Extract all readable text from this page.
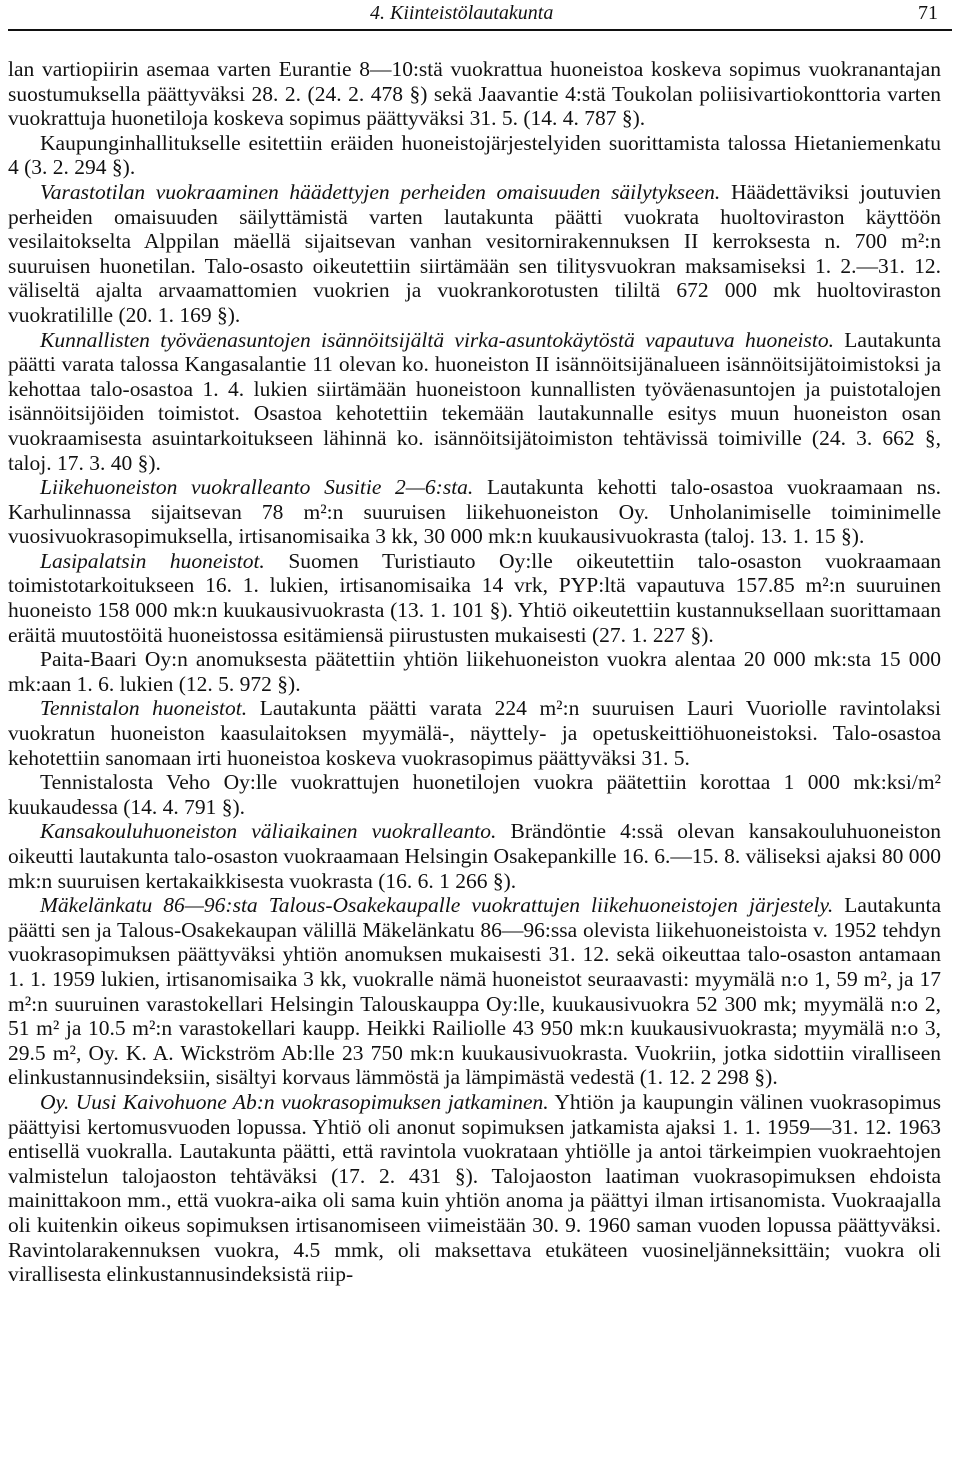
4. Kiinteistölautakunta	71

lan vartiopiirin asemaa varten Eurantie 8—10:stä vuokrattua huoneistoa koskeva sopimus vuokranantajan suostumuksella päättyväksi 28. 2. (24. 2. 478 §) sekä Jaavantie 4:stä Toukolan poliisivartiokonttoria varten vuokrattuja huonetiloja koskeva sopimus päättyväksi 31. 5. (14. 4. 787 §).

Kaupunginhallitukselle esitettiin eräiden huoneistojärjestelyiden suorittamista talossa Hietaniemenkatu 4 (3. 2. 294 §).

Varastotilan vuokraaminen häädettyjen perheiden omaisuuden säilytykseen. Häädettäviksi joutuvien perheiden omaisuuden säilyttämistä varten lautakunta päätti vuokrata huoltoviraston käyttöön vesilaitokselta Alppilan mäellä sijaitsevan vanhan vesitornirakennuksen II kerroksesta n. 700 m²:n suuruisen huonetilan. Talo-osasto oikeutettiin siirtämään sen tilitysvuokran maksamiseksi 1. 2.—31. 12. väliseltä ajalta arvaamattomien vuokrien ja vuokrankorotusten tililtä 672 000 mk huoltoviraston vuokratilille (20. 1. 169 §).

Kunnallisten työväenasuntojen isännöitsijältä virka-asuntokäytöstä vapautuva huoneisto. Lautakunta päätti varata talossa Kangasalantie 11 olevan ko. huoneiston II isännöitsijänalueen isännöitsijätoimistoksi ja kehottaa talo-osastoa 1. 4. lukien siirtämään huoneistoon kunnallisten työväenasuntojen ja puistotalojen isännöitsijöiden toimistot. Osastoa kehotettiin tekemään lautakunnalle esitys muun huoneiston osan vuokraamisesta asuintarkoitukseen lähinnä ko. isännöitsijätoimiston tehtävissä toimiville (24. 3. 662 §, taloj. 17. 3. 40 §).

Liikehuoneiston vuokralleanto Susitie 2—6:sta. Lautakunta kehotti talo-osastoa vuokraamaan ns. Karhulinnassa sijaitsevan 78 m²:n suuruisen liikehuoneiston Oy. Unholanimiselle toiminimelle vuosivuokrasopimuksella, irtisanomisaika 3 kk, 30 000 mk:n kuukausivuokrasta (taloj. 13. 1. 15 §).

Lasipalatsin huoneistot. Suomen Turistiauto Oy:lle oikeutettiin talo-osaston vuokraamaan toimistotarkoitukseen 16. 1. lukien, irtisanomisaika 14 vrk, PYP:ltä vapautuva 157.85 m²:n suuruinen huoneisto 158 000 mk:n kuukausivuokrasta (13. 1. 101 §). Yhtiö oikeutettiin kustannuksellaan suorittamaan eräitä muutostöitä huoneistossa esitämiensä piirustusten mukaisesti (27. 1. 227 §).

Paita-Baari Oy:n anomuksesta päätettiin yhtiön liikehuoneiston vuokra alentaa 20 000 mk:sta 15 000 mk:aan 1. 6. lukien (12. 5. 972 §).

Tennistalon huoneistot. Lautakunta päätti varata 224 m²:n suuruisen Lauri Vuoriolle ravintolaksi vuokratun huoneiston kaasulaitoksen myymälä-, näyttely- ja opetuskeittiöhuoneistoksi. Talo-osastoa kehotettiin sanomaan irti huoneistoa koskeva vuokrasopimus päättyväksi 31. 5.

Tennistalosta Veho Oy:lle vuokrattujen huonetilojen vuokra päätettiin korottaa 1 000 mk:ksi/m² kuukaudessa (14. 4. 791 §).

Kansakouluhuoneiston väliaikainen vuokralleanto. Brändöntie 4:ssä olevan kansakouluhuoneiston oikeutti lautakunta talo-osaston vuokraamaan Helsingin Osakepankille 16. 6.—15. 8. väliseksi ajaksi 80 000 mk:n suuruisen kertakaikkisesta vuokrasta (16. 6. 1 266 §).

Mäkelänkatu 86—96:sta Talous-Osakekaupalle vuokrattujen liikehuoneistojen järjestely. Lautakunta päätti sen ja Talous-Osakekaupan välillä Mäkelänkatu 86—96:ssa olevista liikehuoneistoista v. 1952 tehdyn vuokrasopimuksen päättyväksi yhtiön anomuksen mukaisesti 31. 12. sekä oikeuttaa talo-osaston antamaan 1. 1. 1959 lukien, irtisanomisaika 3 kk, vuokralle nämä huoneistot seuraavasti: myymälä n:o 1, 59 m², ja 17 m²:n suuruinen varastokellari Helsingin Talouskauppa Oy:lle, kuukausivuokra 52 300 mk; myymälä n:o 2, 51 m² ja 10.5 m²:n varastokellari kaupp. Heikki Railiolle 43 950 mk:n kuukausivuokrasta; myymälä n:o 3, 29.5 m², Oy. K. A. Wickström Ab:lle 23 750 mk:n kuukausivuokrasta. Vuokriin, jotka sidottiin viralliseen elinkustannusindeksiin, sisältyi korvaus lämmöstä ja lämpimästä vedestä (1. 12. 2 298 §).

Oy. Uusi Kaivohuone Ab:n vuokrasopimuksen jatkaminen. Yhtiön ja kaupungin välinen vuokrasopimus päättyisi kertomusvuoden lopussa. Yhtiö oli anonut sopimuksen jatkamista ajaksi 1. 1. 1959—31. 12. 1963 entisellä vuokralla. Lautakunta päätti, että ravintola vuokrataan yhtiölle ja antoi tärkeimpien vuokraehtojen valmistelun talojaoston tehtäväksi (17. 2. 431 §). Talojaoston laatiman vuokrasopimuksen ehdoista mainittakoon mm., että vuokra-aika oli sama kuin yhtiön anoma ja päättyi ilman irtisanomista. Vuokraajalla oli kuitenkin oikeus sopimuksen irtisanomiseen viimeistään 30. 9. 1960 saman vuoden lopussa päättyväksi. Ravintolarakennuksen vuokra, 4.5 mmk, oli maksettava etukäteen vuosineljänneksittäin; vuokra oli virallisesta elinkustannusindeksistä riip-
